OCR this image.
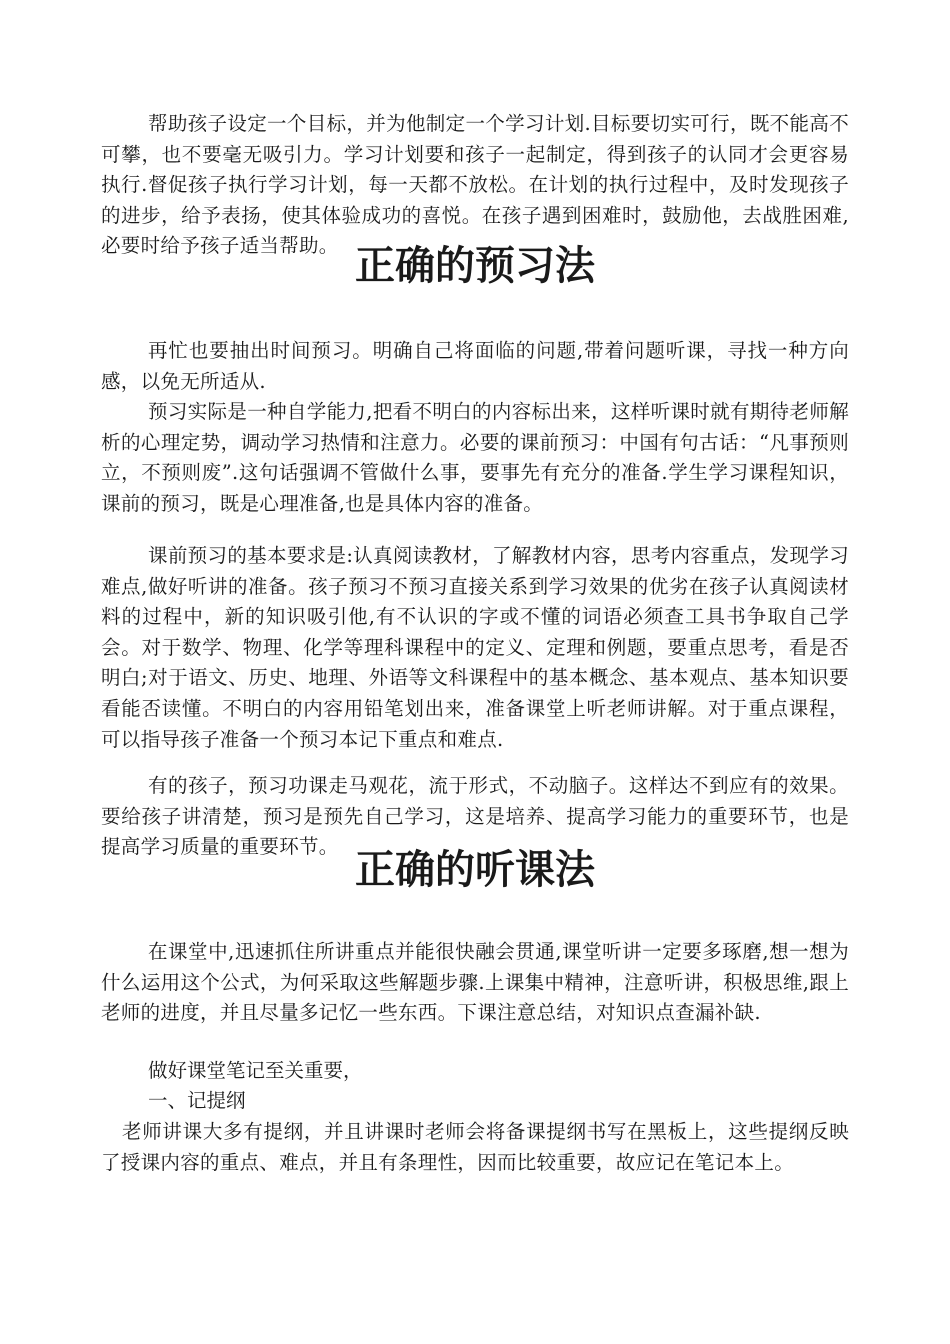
帮助孩子设定一个目标，并为他制定一个学习计划.目标要切实可行，既不能高不可攀，也不要毫无吸引力。学习计划要和孩子一起制定，得到孩子的认同才会更容易执行.督促孩子执行学习计划，每一天都不放松。在计划的执行过程中，及时发现孩子的进步，给予表扬，使其体验成功的喜悦。在孩子遇到困难时，鼓励他，去战胜困难,必要时给予孩子适当帮助。 正确的预习法

再忙也要抽出时间预习。明确自己将面临的问题,带着问题听课，寻找一种方向感，以免无所适从.

预习实际是一种自学能力,把看不明白的内容标出来，这样听课时就有期待老师解析的心理定势，调动学习热情和注意力。必要的课前预习：中国有句古话：“凡事预则立，不预则废”.这句话强调不管做什么事，要事先有充分的准备.学生学习课程知识，课前的预习，既是心理准备,也是具体内容的准备。

课前预习的基本要求是:认真阅读教材，了解教材内容，思考内容重点，发现学习难点,做好听讲的准备。孩子预习不预习直接关系到学习效果的优劣在孩子认真阅读材料的过程中，新的知识吸引他,有不认识的字或不懂的词语必须查工具书争取自己学会。对于数学、物理、化学等理科课程中的定义、定理和例题，要重点思考，看是否明白;对于语文、历史、地理、外语等文科课程中的基本概念、基本观点、基本知识要看能否读懂。不明白的内容用铅笔划出来，准备课堂上听老师讲解。对于重点课程，可以指导孩子准备一个预习本记下重点和难点.

有的孩子，预习功课走马观花，流于形式，不动脑子。这样达不到应有的效果。要给孩子讲清楚，预习是预先自己学习，这是培养、提高学习能力的重要环节，也是提高学习质量的重要环节。

正确的听课法

在课堂中,迅速抓住所讲重点并能很快融会贯通,课堂听讲一定要多琢磨,想一想为什么运用这个公式，为何采取这些解题步骤.上课集中精神，注意听讲，积极思维,跟上老师的进度，并且尽量多记忆一些东西。下课注意总结，对知识点查漏补缺.

做好课堂笔记至关重要，

一、记提纲

老师讲课大多有提纲，并且讲课时老师会将备课提纲书写在黑板上，这些提纲反映了授课内容的重点、难点，并且有条理性，因而比较重要，故应记在笔记本上。
